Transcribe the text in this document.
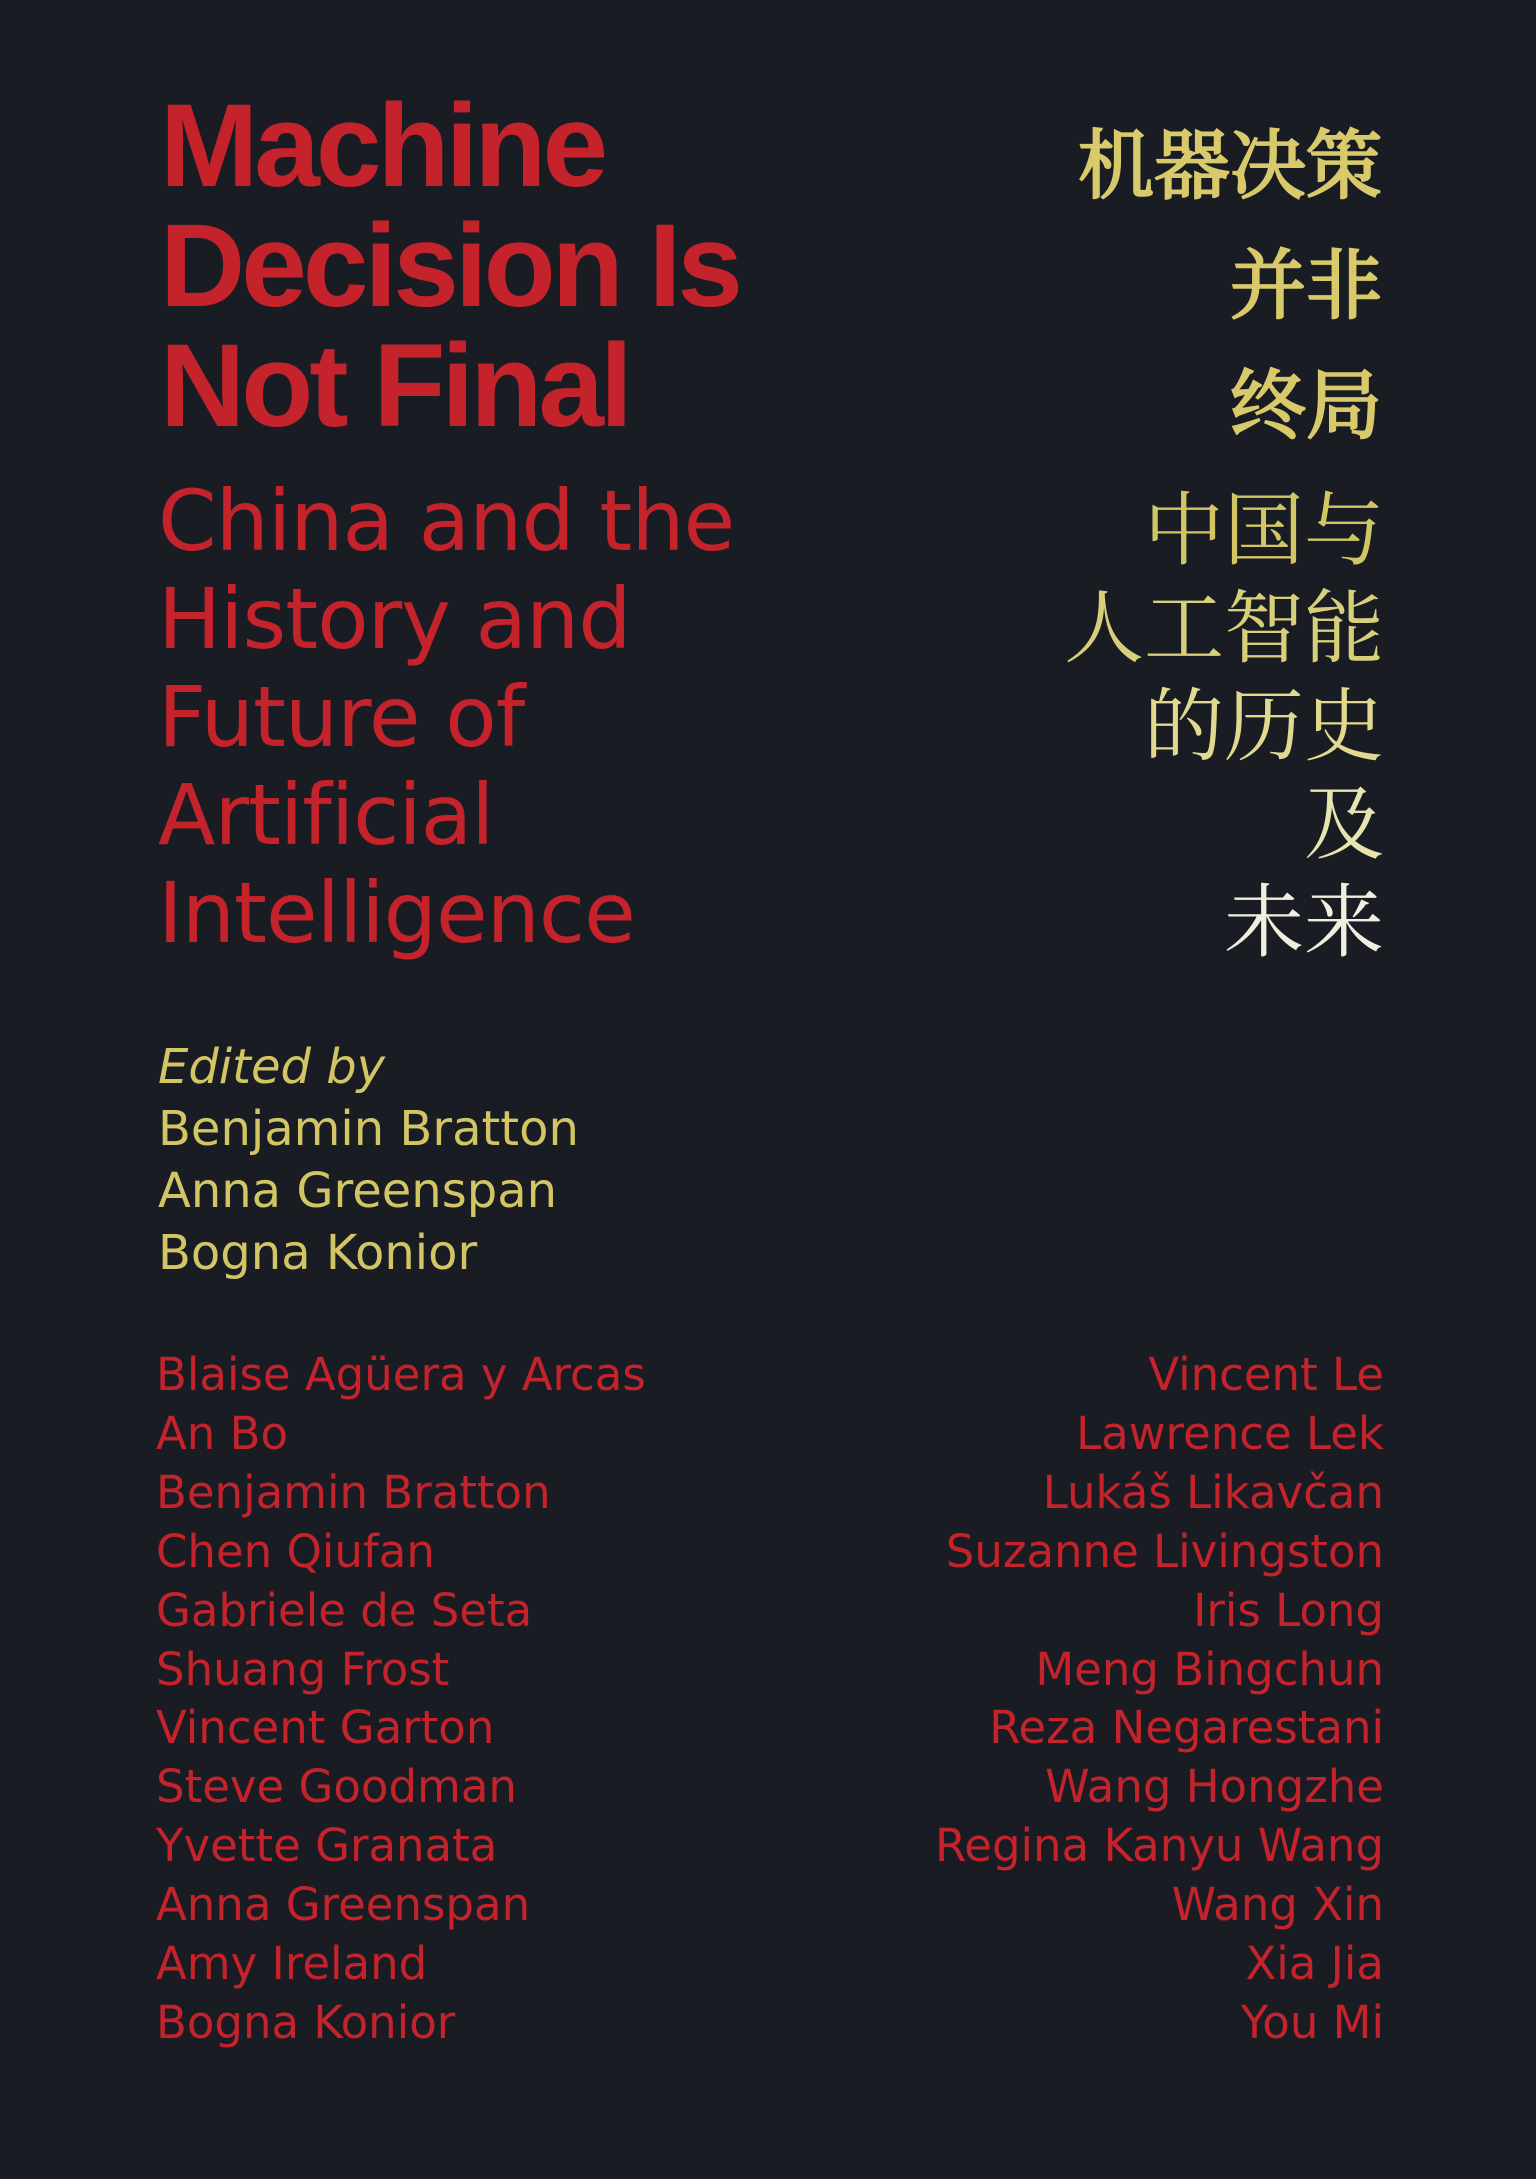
Machine
Decision Is
Not Final
China and the
History and
Future of
Artificial
Intelligence
机器决策
并非
终局
中国与
人工智能
的历史
及
未来
Edited by
Benjamin Bratton
Anna Greenspan
Bogna Konior
Blaise Agüera y Arcas
An Bo
Benjamin Bratton
Chen Qiufan
Gabriele de Seta
Shuang Frost
Vincent Garton
Steve Goodman
Yvette Granata
Anna Greenspan
Amy Ireland
Bogna Konior
Vincent Le
Lawrence Lek
Lukáš Likavčan
Suzanne Livingston
Iris Long
Meng Bingchun
Reza Negarestani
Wang Hongzhe
Regina Kanyu Wang
Wang Xin
Xia Jia
You Mi
